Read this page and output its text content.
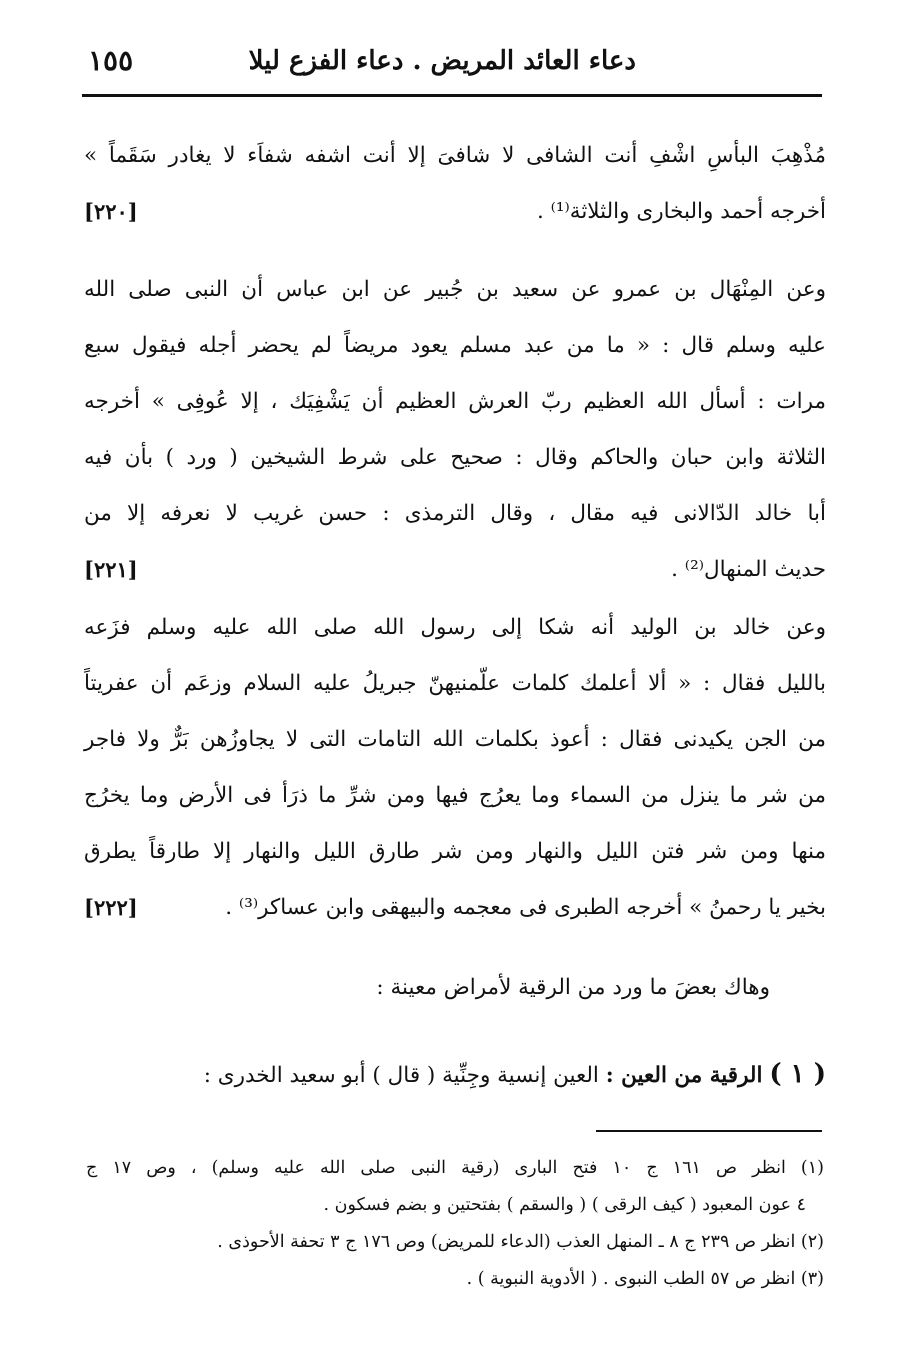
دعاء العائد المريض . دعاء الفزع ليلا
١٥٥
مُذْهِبَ البأسِ اشْفِ أنت الشافى لا شافىَ إلا أنت اشفه شفاَء لا يغادر سَقَماً »
أخرجه أحمد والبخارى والثلاثة⁽¹⁾ .
[٢٢٠]
وعن المِنْهَال بن عمرو عن سعيد بن جُبير عن ابن عباس أن النبى صلى الله
عليه وسلم قال : « ما من عبد مسلم يعود مريضاً لم يحضر أجله فيقول سبع
مرات : أسأل الله العظيم ربّ العرش العظيم أن يَشْفِيَك ، إلا عُوفِى » أخرجه
الثلاثة وابن حبان والحاكم وقال : صحيح على شرط الشيخين ( ورد ) بأن فيه
أبا خالد الدّالانى فيه مقال ، وقال الترمذى : حسن غريب لا نعرفه إلا من
حديث المنهال⁽²⁾ .
[٢٢١]
وعن خالد بن الوليد أنه شكا إلى رسول الله صلى الله عليه وسلم فزَعه
بالليل فقال : « ألا أعلمك كلمات علّمنيهنّ جبريلُ عليه السلام وزعَم أن عفريتاً
من الجن يكيدنى فقال : أعوذ بكلمات الله التامات التى لا يجاوزُهن بَرٌّ ولا فاجر
من شر ما ينزل من السماء وما يعرُج فيها ومن شرِّ ما ذرَأ فى الأرض وما يخرُج
منها ومن شر فتن الليل والنهار ومن شر طارق الليل والنهار إلا طارقاً يطرق
بخير يا رحمنُ » أخرجه الطبرى فى معجمه والبيهقى وابن عساكر⁽³⁾ .
[٢٢٢]
وهاك بعضَ ما ورد من الرقية لأمراض معينة :
( ١ ) الرقية من العين : العين إنسية وجِنِّية ( قال ) أبو سعيد الخدرى :
(١) انظر ص ١٦١ ج ١٠ فتح البارى (رقية النبى صلى الله عليه وسلم) ، وص ١٧ ج
٤ عون المعبود ( كيف الرقى ) ( والسقم ) بفتحتين و بضم فسكون .
(٢) انظر ص ٢٣٩ ج ٨ ـ المنهل العذب (الدعاء للمريض) وص ١٧٦ ج ٣ تحفة الأحوذى .
(٣) انظر ص ٥٧ الطب النبوى . ( الأدوية النبوية ) .
